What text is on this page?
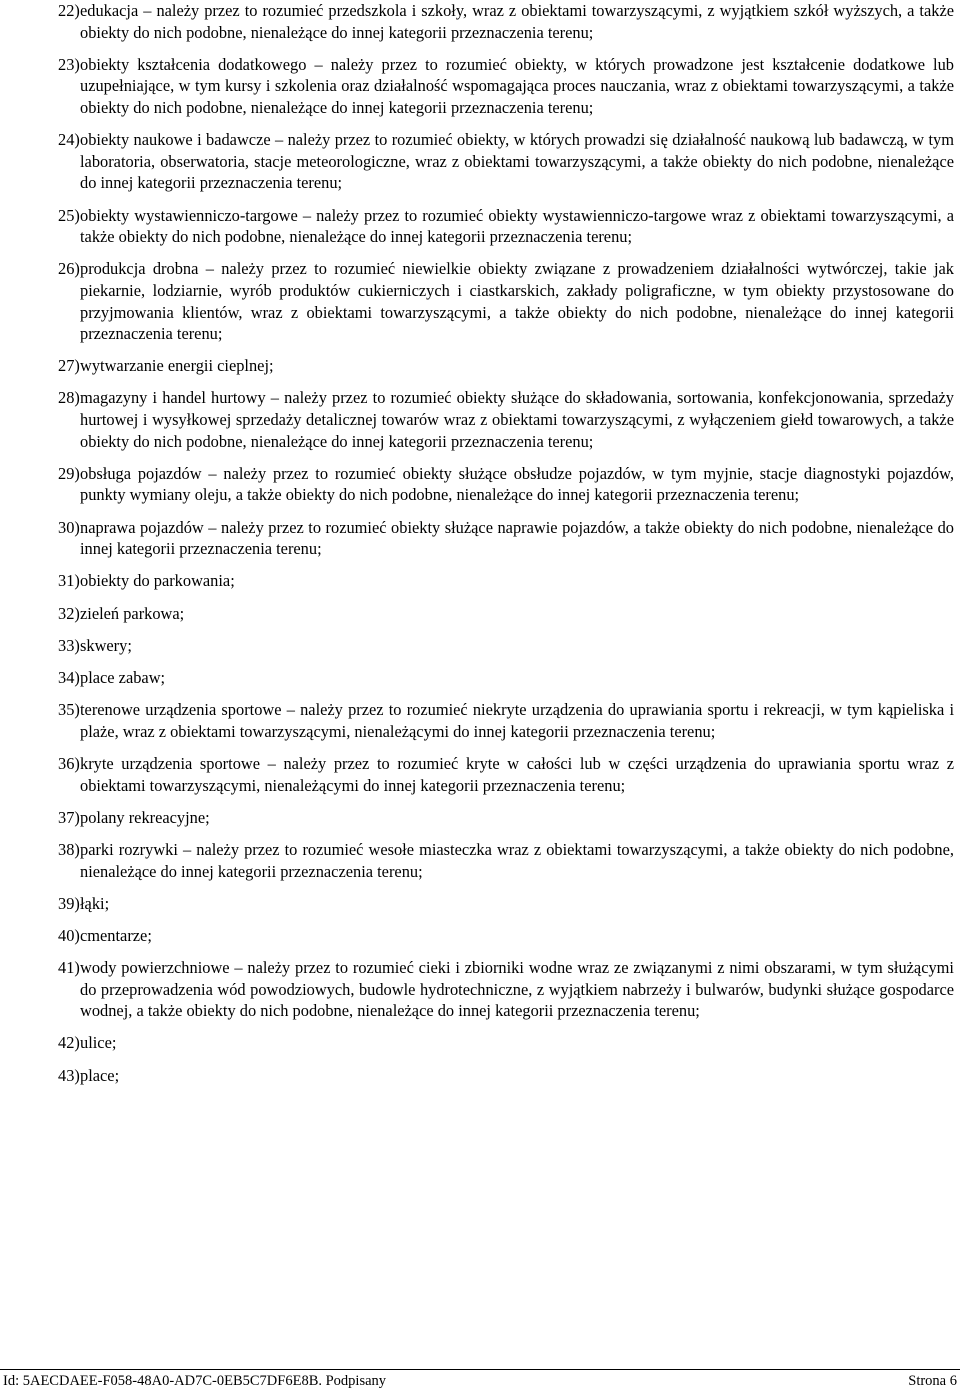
22) edukacja – należy przez to rozumieć przedszkola i szkoły, wraz z obiektami towarzyszącymi, z wyjątkiem szkół wyższych, a także obiekty do nich podobne, nienależące do innej kategorii przeznaczenia terenu;
23) obiekty kształcenia dodatkowego – należy przez to rozumieć obiekty, w których prowadzone jest kształcenie dodatkowe lub uzupełniające, w tym kursy i szkolenia oraz działalność wspomagająca proces nauczania, wraz z obiektami towarzyszącymi, a także obiekty do nich podobne, nienależące do innej kategorii przeznaczenia terenu;
24) obiekty naukowe i badawcze – należy przez to rozumieć obiekty, w których prowadzi się działalność naukową lub badawczą, w tym laboratoria, obserwatoria, stacje meteorologiczne, wraz z obiektami towarzyszącymi, a także obiekty do nich podobne, nienależące do innej kategorii przeznaczenia terenu;
25) obiekty wystawienniczo-targowe – należy przez to rozumieć obiekty wystawienniczo-targowe wraz z obiektami towarzyszącymi, a także obiekty do nich podobne, nienależące do innej kategorii przeznaczenia terenu;
26) produkcja drobna – należy przez to rozumieć niewielkie obiekty związane z prowadzeniem działalności wytwórczej, takie jak piekarnie, lodziarnie, wyrób produktów cukierniczych i ciastkarskich, zakłady poligraficzne, w tym obiekty przystosowane do przyjmowania klientów, wraz z obiektami towarzyszącymi, a także obiekty do nich podobne, nienależące do innej kategorii przeznaczenia terenu;
27) wytwarzanie energii cieplnej;
28) magazyny i handel hurtowy – należy przez to rozumieć obiekty służące do składowania, sortowania, konfekcjonowania, sprzedaży hurtowej i wysyłkowej sprzedaży detalicznej towarów wraz z obiektami towarzyszącymi, z wyłączeniem giełd towarowych, a także obiekty do nich podobne, nienależące do innej kategorii przeznaczenia terenu;
29) obsługa pojazdów – należy przez to rozumieć obiekty służące obsłudze pojazdów, w tym myjnie, stacje diagnostyki pojazdów, punkty wymiany oleju, a także obiekty do nich podobne, nienależące do innej kategorii przeznaczenia terenu;
30) naprawa pojazdów – należy przez to rozumieć obiekty służące naprawie pojazdów, a także obiekty do nich podobne, nienależące do innej kategorii przeznaczenia terenu;
31) obiekty do parkowania;
32) zieleń parkowa;
33) skwery;
34) place zabaw;
35) terenowe urządzenia sportowe – należy przez to rozumieć niekryte urządzenia do uprawiania sportu i rekreacji, w tym kąpieliska i plaże, wraz z obiektami towarzyszącymi, nienależącymi do innej kategorii przeznaczenia terenu;
36) kryte urządzenia sportowe – należy przez to rozumieć kryte w całości lub w części urządzenia do uprawiania sportu wraz z obiektami towarzyszącymi, nienależącymi do innej kategorii przeznaczenia terenu;
37) polany rekreacyjne;
38) parki rozrywki – należy przez to rozumieć wesołe miasteczka wraz z obiektami towarzyszącymi, a także obiekty do nich podobne, nienależące do innej kategorii przeznaczenia terenu;
39) łąki;
40) cmentarze;
41) wody powierzchniowe – należy przez to rozumieć cieki i zbiorniki wodne wraz ze związanymi z nimi obszarami, w tym służącymi do przeprowadzenia wód powodziowych, budowle hydrotechniczne, z wyjątkiem nabrzeży i bulwarów, budynki służące gospodarce wodnej, a także obiekty do nich podobne, nienależące do innej kategorii przeznaczenia terenu;
42) ulice;
43) place;
Id: 5AECDAEE-F058-48A0-AD7C-0EB5C7DF6E8B. Podpisany	Strona 6
